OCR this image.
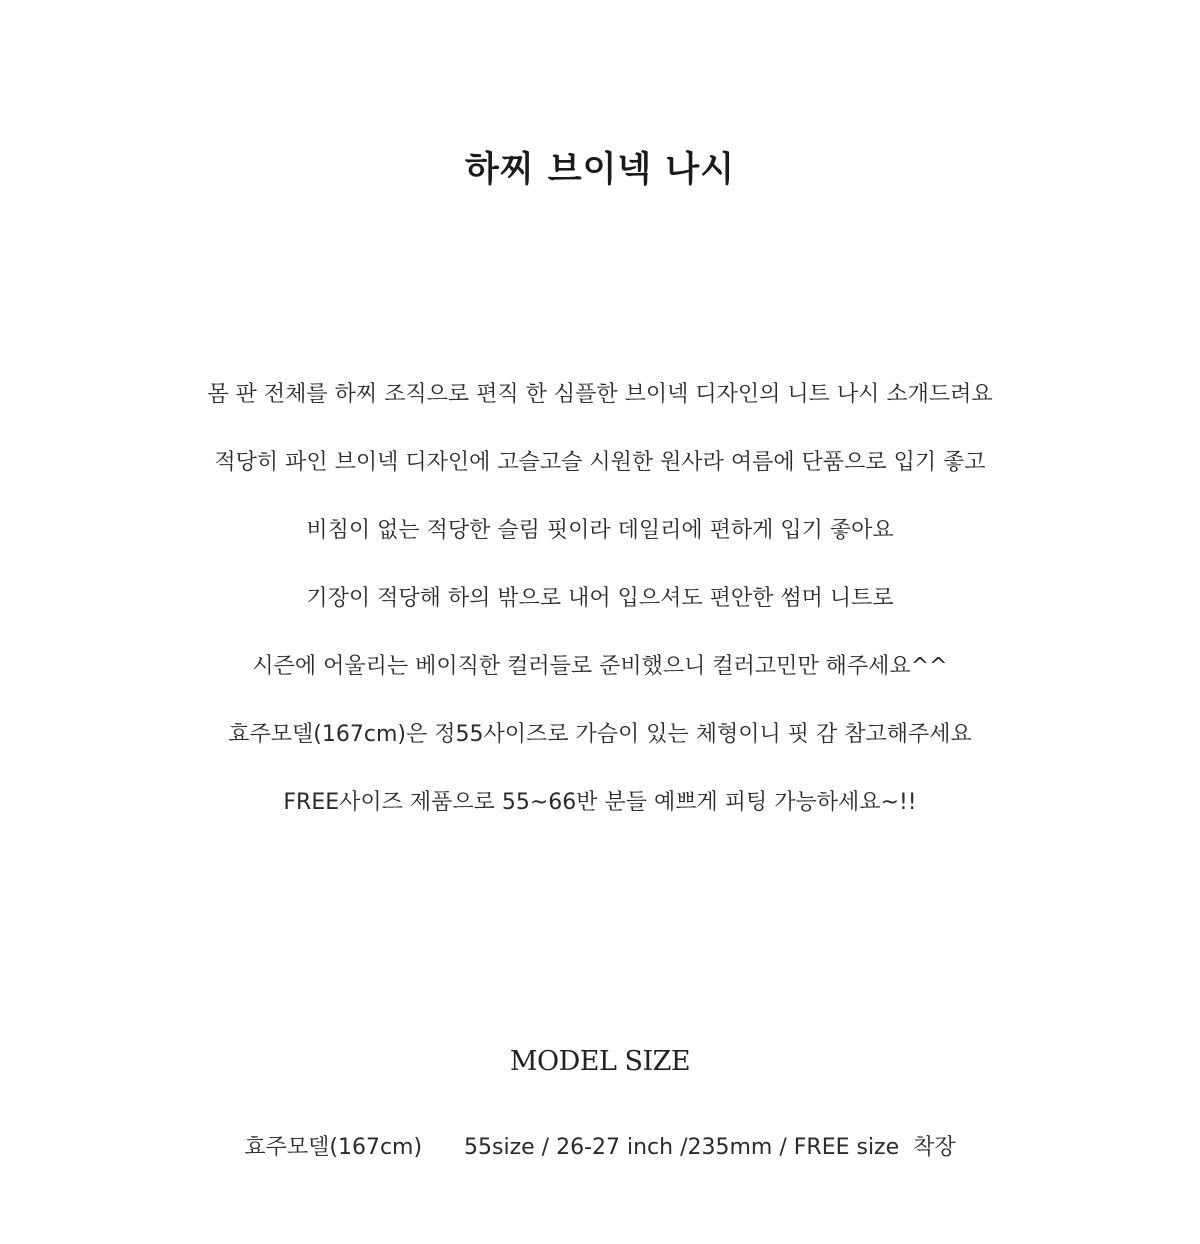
하찌 브이넥 나시
몸 판 전체를 하찌 조직으로 편직 한 심플한 브이넥 디자인의 니트 나시 소개드려요
적당히 파인 브이넥 디자인에 고슬고슬 시원한 원사라 여름에 단품으로 입기 좋고
비침이 없는 적당한 슬림 핏이라 데일리에 편하게 입기 좋아요
기장이 적당해 하의 밖으로 내어 입으셔도 편안한 썸머 니트로
시즌에 어울리는 베이직한 컬러들로 준비했으니 컬러고민만 해주세요^^
효주모델(167cm)은 정55사이즈로 가슴이 있는 체형이니 핏 감 참고해주세요
FREE사이즈 제품으로 55~66반 분들 예쁘게 피팅 가능하세요~!!
MODEL SIZE
효주모델(167cm) 55size / 26-27 inch /235mm / FREE size  착장
